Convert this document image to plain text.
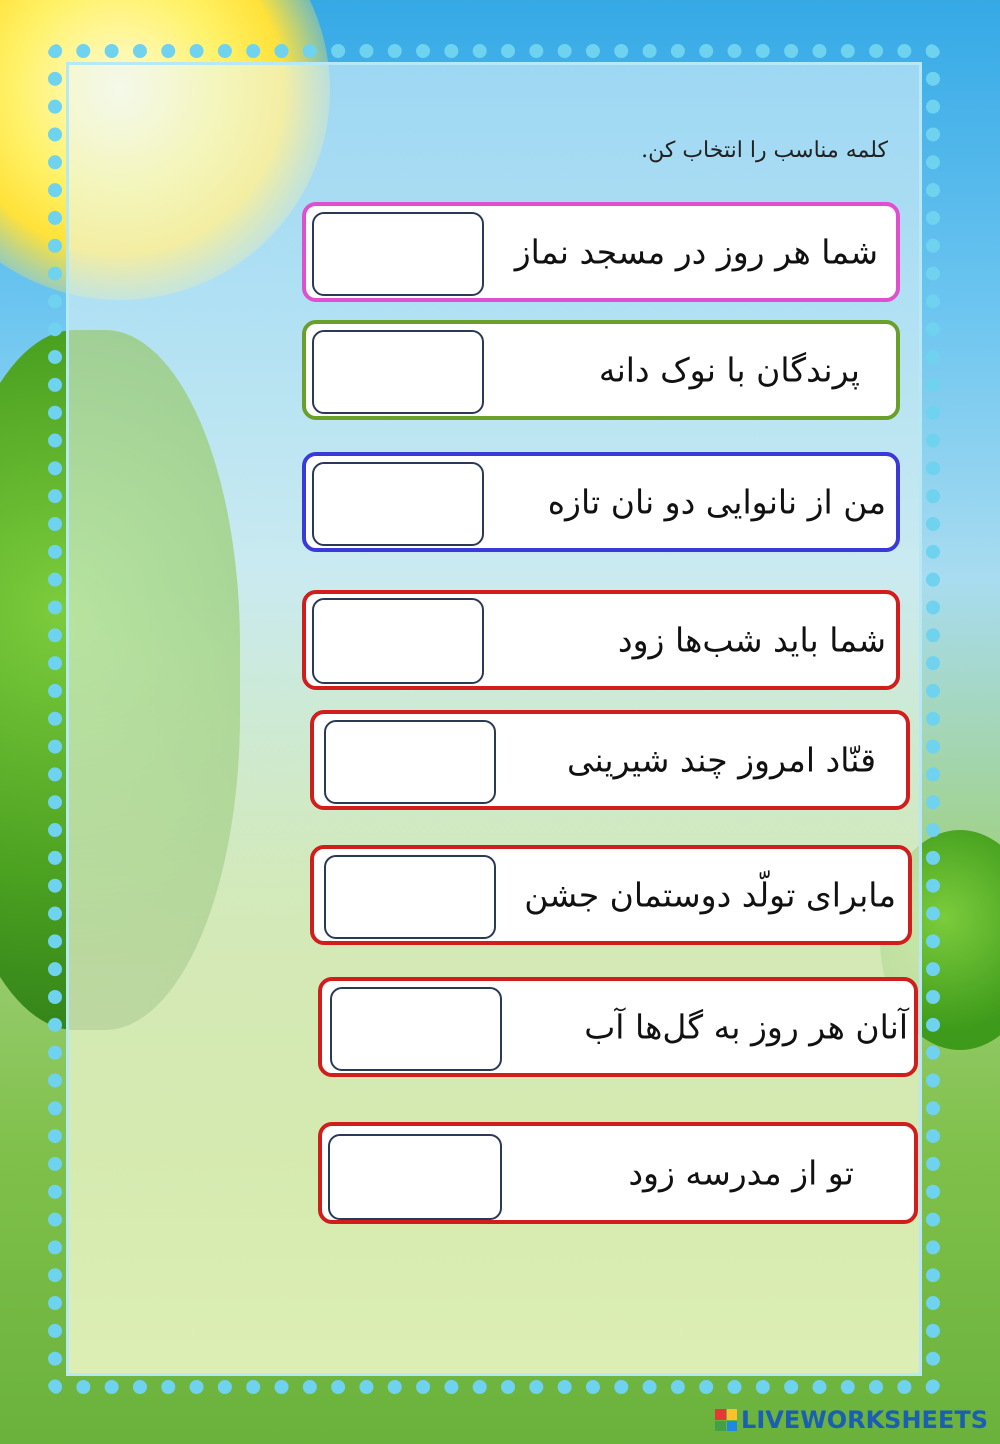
کلمه مناسب را انتخاب کن.
شما هر روز در مسجد نماز
پرندگان با نوک دانه
من از نانوایی دو نان تازه
شما باید شب‌ها زود
قنّاد امروز چند شیرینی
مابرای تولّد دوستمان جشن
آنان هر روز به گل‌ها آب
تو از مدرسه زود
LIVEWORKSHEETS
